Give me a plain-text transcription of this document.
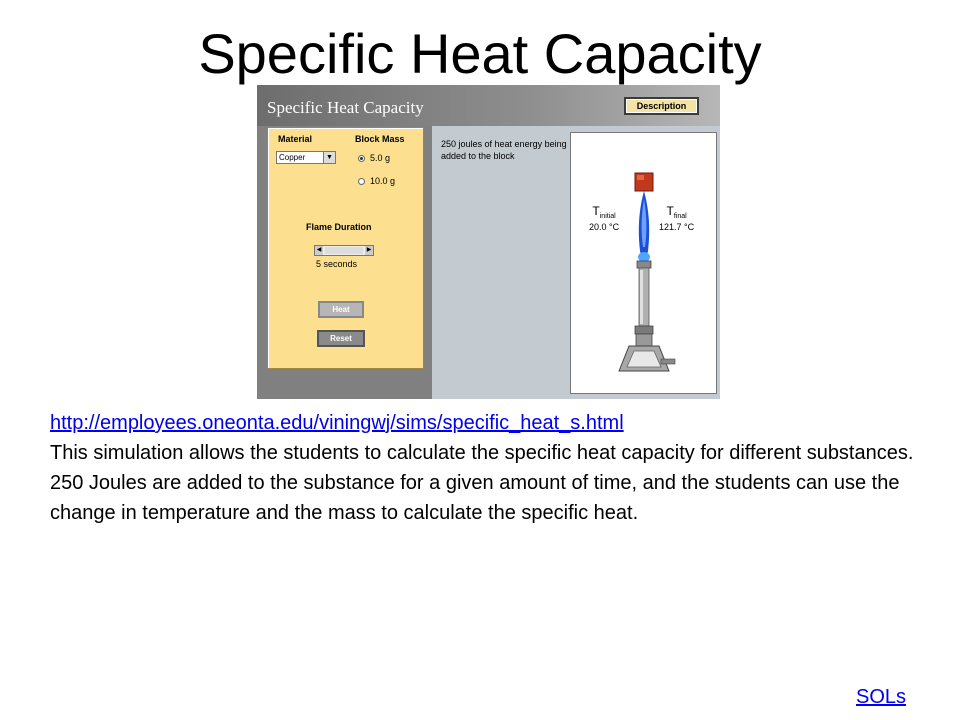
Specific Heat Capacity
Specific Heat Capacity	Description
Material	Block Mass
Copper	▼	5.0 g
10.0 g
Flame Duration
◀	▶
5 seconds
Heat
Reset
250 joules of heat energy being added to the block
$T_{initial}$
20.0 °C
$T_{final}$
121.7 °C

http://employees.oneonta.edu/viningwj/sims/specific_heat_s.html
This simulation allows the students to calculate the specific heat capacity for different substances. 250 Joules are added to the substance for a given amount of time, and the students can use the change in temperature and the mass to calculate the specific heat.

SOLs
